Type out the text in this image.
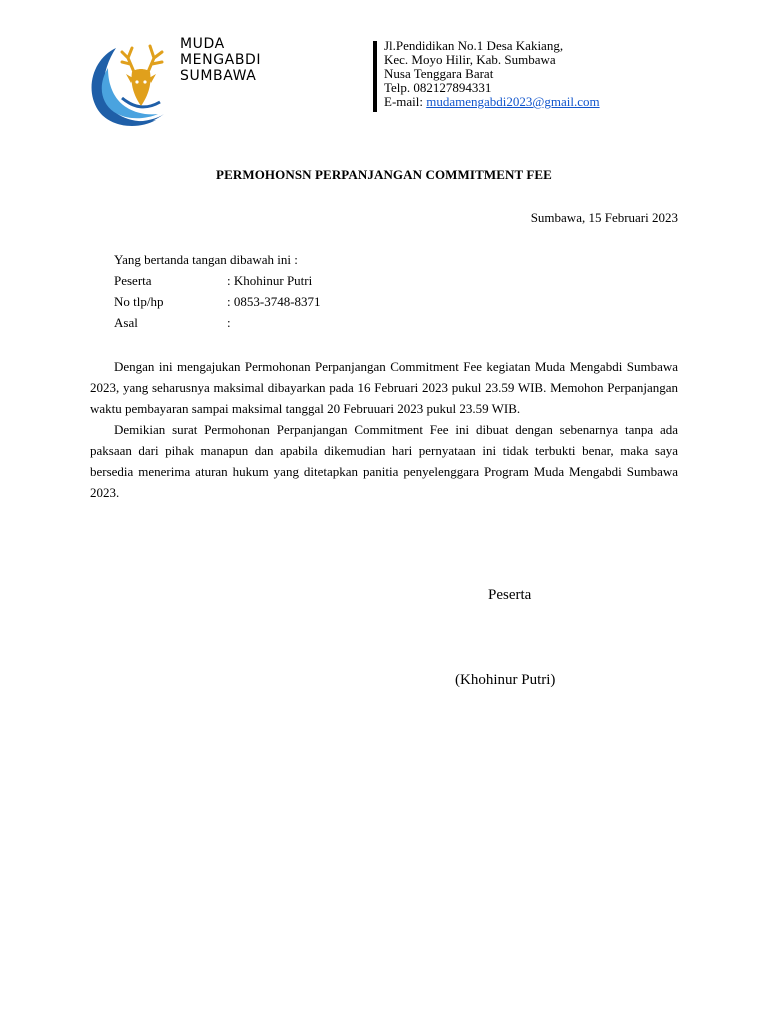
MUDA
MENGABDI
SUMBAWA
Jl.Pendidikan No.1 Desa Kakiang,
Kec. Moyo Hilir, Kab. Sumbawa
Nusa Tenggara Barat
Telp. 082127894331
E-mail: mudamengabdi2023@gmail.com
PERMOHONSN PERPANJANGAN COMMITMENT FEE
Sumbawa, 15 Februari 2023
Yang bertanda tangan dibawah ini :
Peserta	: Khohinur Putri
No tlp/hp	: 0853-3748-8371
Asal	:

Dengan ini mengajukan Permohonan Perpanjangan Commitment Fee kegiatan Muda Mengabdi Sumbawa 2023, yang seharusnya maksimal dibayarkan pada 16 Februari 2023 pukul 23.59 WIB. Memohon Perpanjangan waktu pembayaran sampai maksimal tanggal 20 Februuari 2023 pukul 23.59 WIB.

Demikian surat Permohonan Perpanjangan Commitment Fee ini dibuat dengan sebenarnya tanpa ada paksaan dari pihak manapun dan apabila dikemudian hari pernyataan ini tidak terbukti benar, maka saya bersedia menerima aturan hukum yang ditetapkan panitia penyelenggara Program Muda Mengabdi Sumbawa 2023.

Peserta
(Khohinur Putri)
